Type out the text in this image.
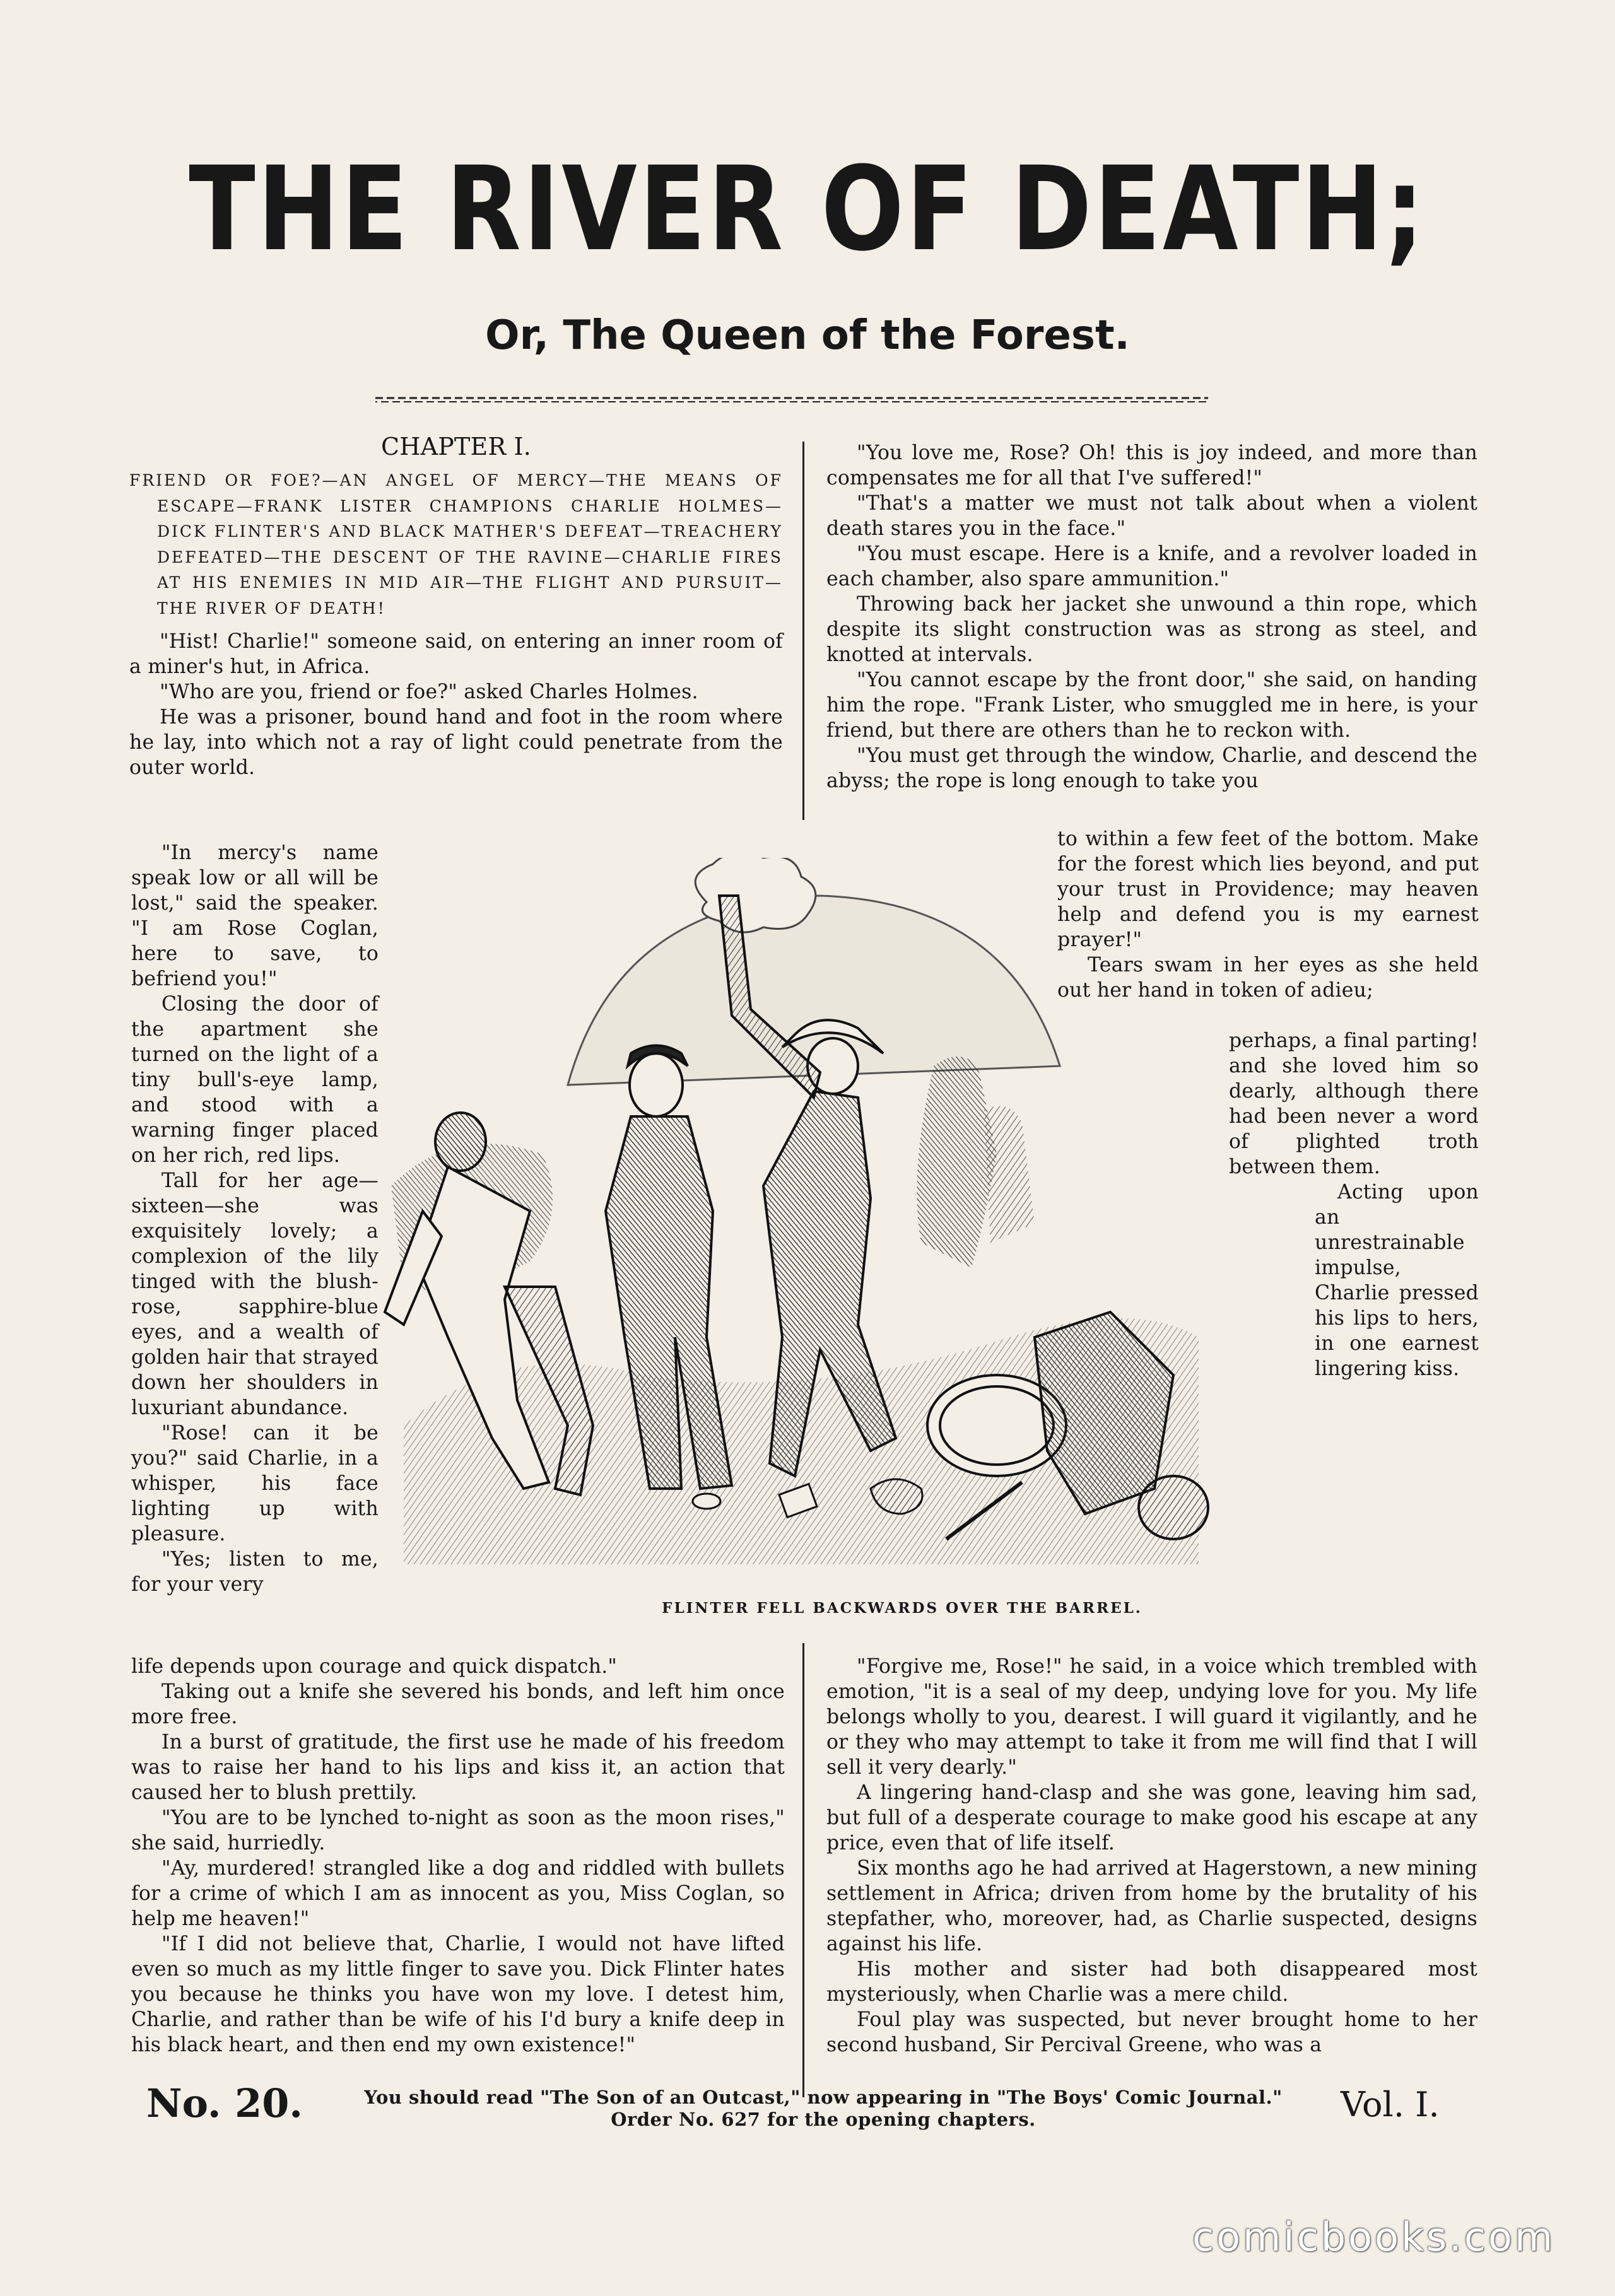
THE RIVER OF DEATH;
Or, The Queen of the Forest.
CHAPTER I.
FRIEND OR FOE?—AN ANGEL OF MERCY—THE MEANS OF ESCAPE—FRANK LISTER CHAMPIONS CHARLIE HOLMES—DICK FLINTER'S AND BLACK MATHER'S DEFEAT—TREACHERY DEFEATED—THE DESCENT OF THE RAVINE—CHARLIE FIRES AT HIS ENEMIES IN MID AIR—THE FLIGHT AND PURSUIT—THE RIVER OF DEATH!

"Hist! Charlie!" someone said, on entering an inner room of a miner's hut, in Africa.

"Who are you, friend or foe?" asked Charles Holmes.

He was a prisoner, bound hand and foot in the room where he lay, into which not a ray of light could penetrate from the outer world.

"In mercy's name speak low or all will be lost," said the speaker. "I am Rose Coglan, here to save, to befriend you!"

Closing the door of the apartment she turned on the light of a tiny bull's-eye lamp, and stood with a warning finger placed on her rich, red lips.

Tall for her age—sixteen—she was exquisitely lovely; a complexion of the lily tinged with the blush-rose, sapphire-blue eyes, and a wealth of golden hair that strayed down her shoulders in luxuriant abundance.

"Rose! can it be you?" said Charlie, in a whisper, his face lighting up with pleasure.

"Yes; listen to me, for your very

life depends upon courage and quick dispatch."

Taking out a knife she severed his bonds, and left him once more free.

In a burst of gratitude, the first use he made of his freedom was to raise her hand to his lips and kiss it, an action that caused her to blush prettily.

"You are to be lynched to-night as soon as the moon rises," she said, hurriedly.

"Ay, murdered! strangled like a dog and riddled with bullets for a crime of which I am as innocent as you, Miss Coglan, so help me heaven!"

"If I did not believe that, Charlie, I would not have lifted even so much as my little finger to save you. Dick Flinter hates you because he thinks you have won my love. I detest him, Charlie, and rather than be wife of his I'd bury a knife deep in his black heart, and then end my own existence!"

"You love me, Rose? Oh! this is joy indeed, and more than compensates me for all that I've suffered!"

"That's a matter we must not talk about when a violent death stares you in the face."

"You must escape. Here is a knife, and a revolver loaded in each chamber, also spare ammunition."

Throwing back her jacket she unwound a thin rope, which despite its slight construction was as strong as steel, and knotted at intervals.

"You cannot escape by the front door," she said, on handing him the rope. "Frank Lister, who smuggled me in here, is your friend, but there are others than he to reckon with.

"You must get through the window, Charlie, and descend the abyss; the rope is long enough to take you

to within a few feet of the bottom. Make for the forest which lies beyond, and put your trust in Providence; may heaven help and defend you is my earnest prayer!"

Tears swam in her eyes as she held out her hand in token of adieu;

perhaps, a final parting! and she loved him so dearly, although there had been never a word of plighted troth between them.

Acting upon an unrestrainable impulse, Charlie pressed his lips to hers, in one earnest lingering kiss.

"Forgive me, Rose!" he said, in a voice which trembled with emotion, "it is a seal of my deep, undying love for you. My life belongs wholly to you, dearest. I will guard it vigilantly, and he or they who may attempt to take it from me will find that I will sell it very dearly."

A lingering hand-clasp and she was gone, leaving him sad, but full of a desperate courage to make good his escape at any price, even that of life itself.

Six months ago he had arrived at Hagerstown, a new mining settlement in Africa; driven from home by the brutality of his stepfather, who, moreover, had, as Charlie suspected, designs against his life.

His mother and sister had both disappeared most mysteriously, when Charlie was a mere child.

Foul play was suspected, but never brought home to her second husband, Sir Percival Greene, who was a

FLINTER FELL BACKWARDS OVER THE BARREL.
No. 20.	You should read "The Son of an Outcast," now appearing in "The Boys' Comic Journal." Order No. 627 for the opening chapters.	Vol. I.
comicbooks.com
